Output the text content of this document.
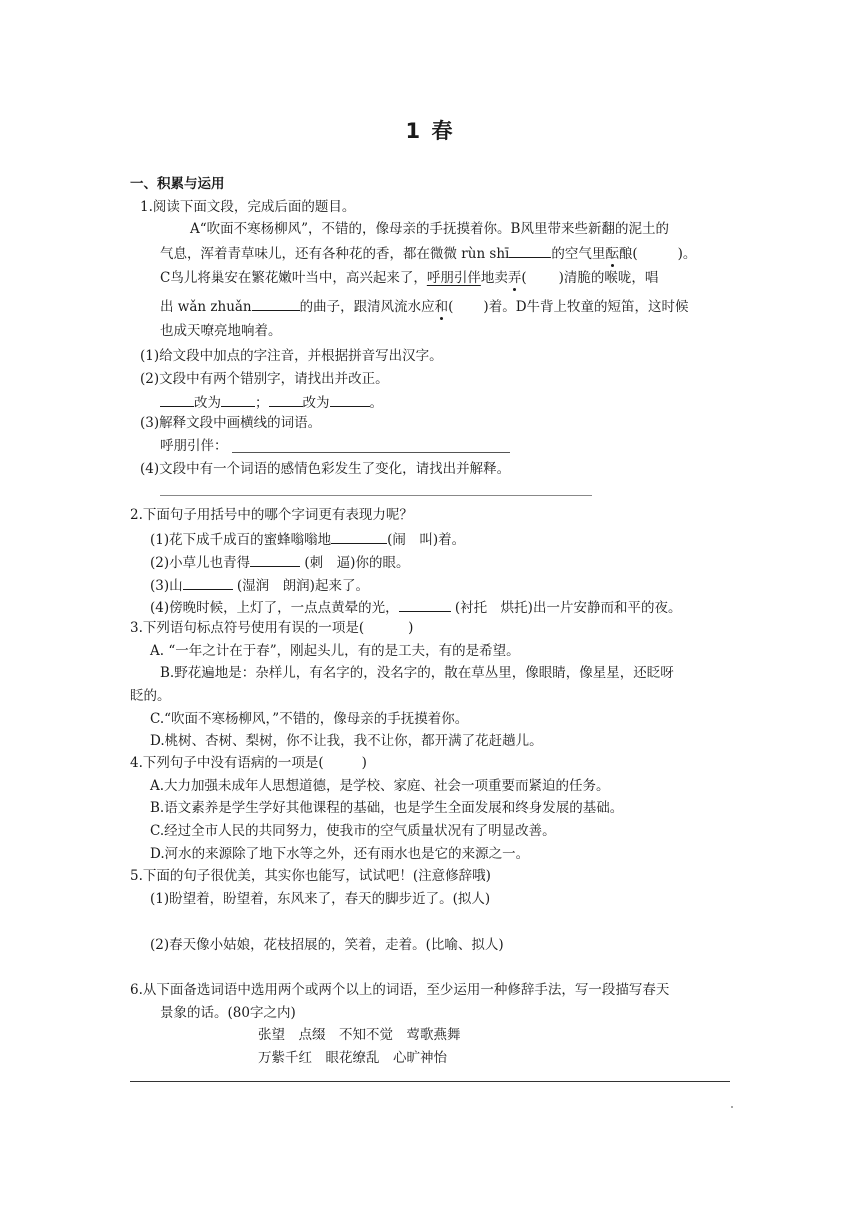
1 春
一、积累与运用
1.阅读下面文段，完成后面的题目。
A“吹面不寒杨柳风”，不错的，像母亲的手抚摸着你。B风里带来些新翻的泥土的
气息，浑着青草味儿，还有各种花的香，都在微微 rùn shī	的空气里酝酿(	)。
C鸟儿将巢安在繁花嫩叶当中，高兴起来了，呼朋引伴地卖弄( )清脆的喉咙，唱
出 wǎn zhuǎn	的曲子，跟清风流水应和( )着。D牛背上牧童的短笛，这时候
也成天嘹亮地响着。
(1)给文段中加点的字注音，并根据拼音写出汉字。
(2)文段中有两个错别字，请找出并改正。
改为	；	改为	。
(3)解释文段中画横线的词语。
呼朋引伴：
(4)文段中有一个词语的感情色彩发生了变化，请找出并解释。
2.下面句子用括号中的哪个字词更有表现力呢？
(1)花下成千成百的蜜蜂嗡嗡地	(闹　叫)着。
(2)小草儿也青得	(刺　逼)你的眼。
(3)山	(湿润　朗润)起来了。
(4)傍晚时候，上灯了，一点点黄晕的光，	(衬托　烘托)出一片安静而和平的夜。
3.下列语句标点符号使用有误的一项是(	)
A. “一年之计在于春”，刚起头儿，有的是工夫，有的是希望。
B.野花遍地是：杂样儿，有名字的，没名字的，散在草丛里，像眼睛，像星星，还眨呀
眨的。
C.“吹面不寒杨柳风，”不错的，像母亲的手抚摸着你。
D.桃树、杏树、梨树，你不让我，我不让你，都开满了花赶趟儿。
4.下列句子中没有语病的一项是(	)
A.大力加强未成年人思想道德，是学校、家庭、社会一项重要而紧迫的任务。
B.语文素养是学生学好其他课程的基础，也是学生全面发展和终身发展的基础。
C.经过全市人民的共同努力，使我市的空气质量状况有了明显改善。
D.河水的来源除了地下水等之外，还有雨水也是它的来源之一。
5.下面的句子很优美，其实你也能写，试试吧！(注意修辞哦)
(1)盼望着，盼望着，东风来了，春天的脚步近了。(拟人)
(2)春天像小姑娘，花枝招展的，笑着，走着。(比喻、拟人)
6.从下面备选词语中选用两个或两个以上的词语，至少运用一种修辞手法，写一段描写春天
景象的话。(80字之内)
张望　点缀　不知不觉　莺歌燕舞
万紫千红　眼花缭乱　心旷神怡
